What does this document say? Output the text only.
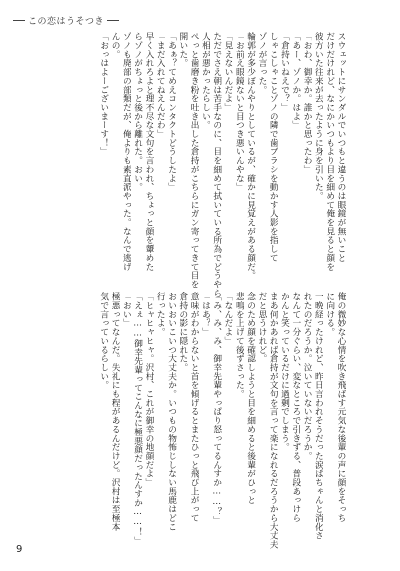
この恋はうそつき
スウェットにサンダルでいつもと違うのは眼鏡が無いこと
だけだけれど、なにかいつもより目を細めて俺を見ると顔を
彼方いた往来が去ったように身を引いた。
「おわ、御幸か。誰かと思ったわ」
「あー、ゾノか。はよ」
「倉持いねえで？」
しゃこしゃことゾノの隣で歯ブラシを動かす人影を指して
ゾノが言った。
輪郭が多少ぼんやりとしているが、確かに見覚えがある顔だ。
「お前え眼鏡ないと目つき悪いんやな」
「見えないんだよ」
ただでさえ朝は苦手なのに、目を細めて拭いている所為でどうやら
人相が悪かったらしい。
ぺっと歯磨き粉を吐き出した倉持がこちらにガン寄ってきて目を
開いた。
「あぁ？てめえコンタクトどうしたよ」
「まだ入れてねえんだわ」
早く入れろよと理不尽な文句を言われ、ちょっと顔を顰めた
らゾノがちょっと後から離れた。おい。
ゾノも廃部の部類だが、俺よりも素直派やった。なんで逃げ
んの。
「おっはよーございまーす！」
俺の微妙な心情を吹き飛ばす元気な後輩の声に顔をそっち
に向ける。
一晩経ったけれど、昨日言われそうだった涙ぱちゃんと消化さ
れたのだろうか。泣いていないだろうか。
なんて一分ぐらい、変なところで引きずる、普段あっけら
かんと笑っているだけに過剰でしまう。
まあ何かあれば倉持が文句を言って楽になれるだろうから大丈夫
だと思うけれど。
念のため顔を確認しようと目を細めると後輩がひっと
悲鳴を上げて後ずさった。
「なんだよ」
「み、み、み、御幸先輩やっぱり怒ってるんすか……？」
「はあ？」
意味がわからないと首を傾げるとまたひっと飛び上がって
倉持の影に隠れた。
おいおいこいつ大丈夫か。いつもの物怖じしない馬鹿はどこ
行ったよ。
「ヒャヒャヒャ。沢村、これが御幸の地顔だよ」
「えぇ……御幸先輩ってこんなに極悪顔だったんすか……！」
「おい」
極悪ってなんだ。失礼にも程があるんだけど。沢村は至極本
気で言っているらしい。
9
